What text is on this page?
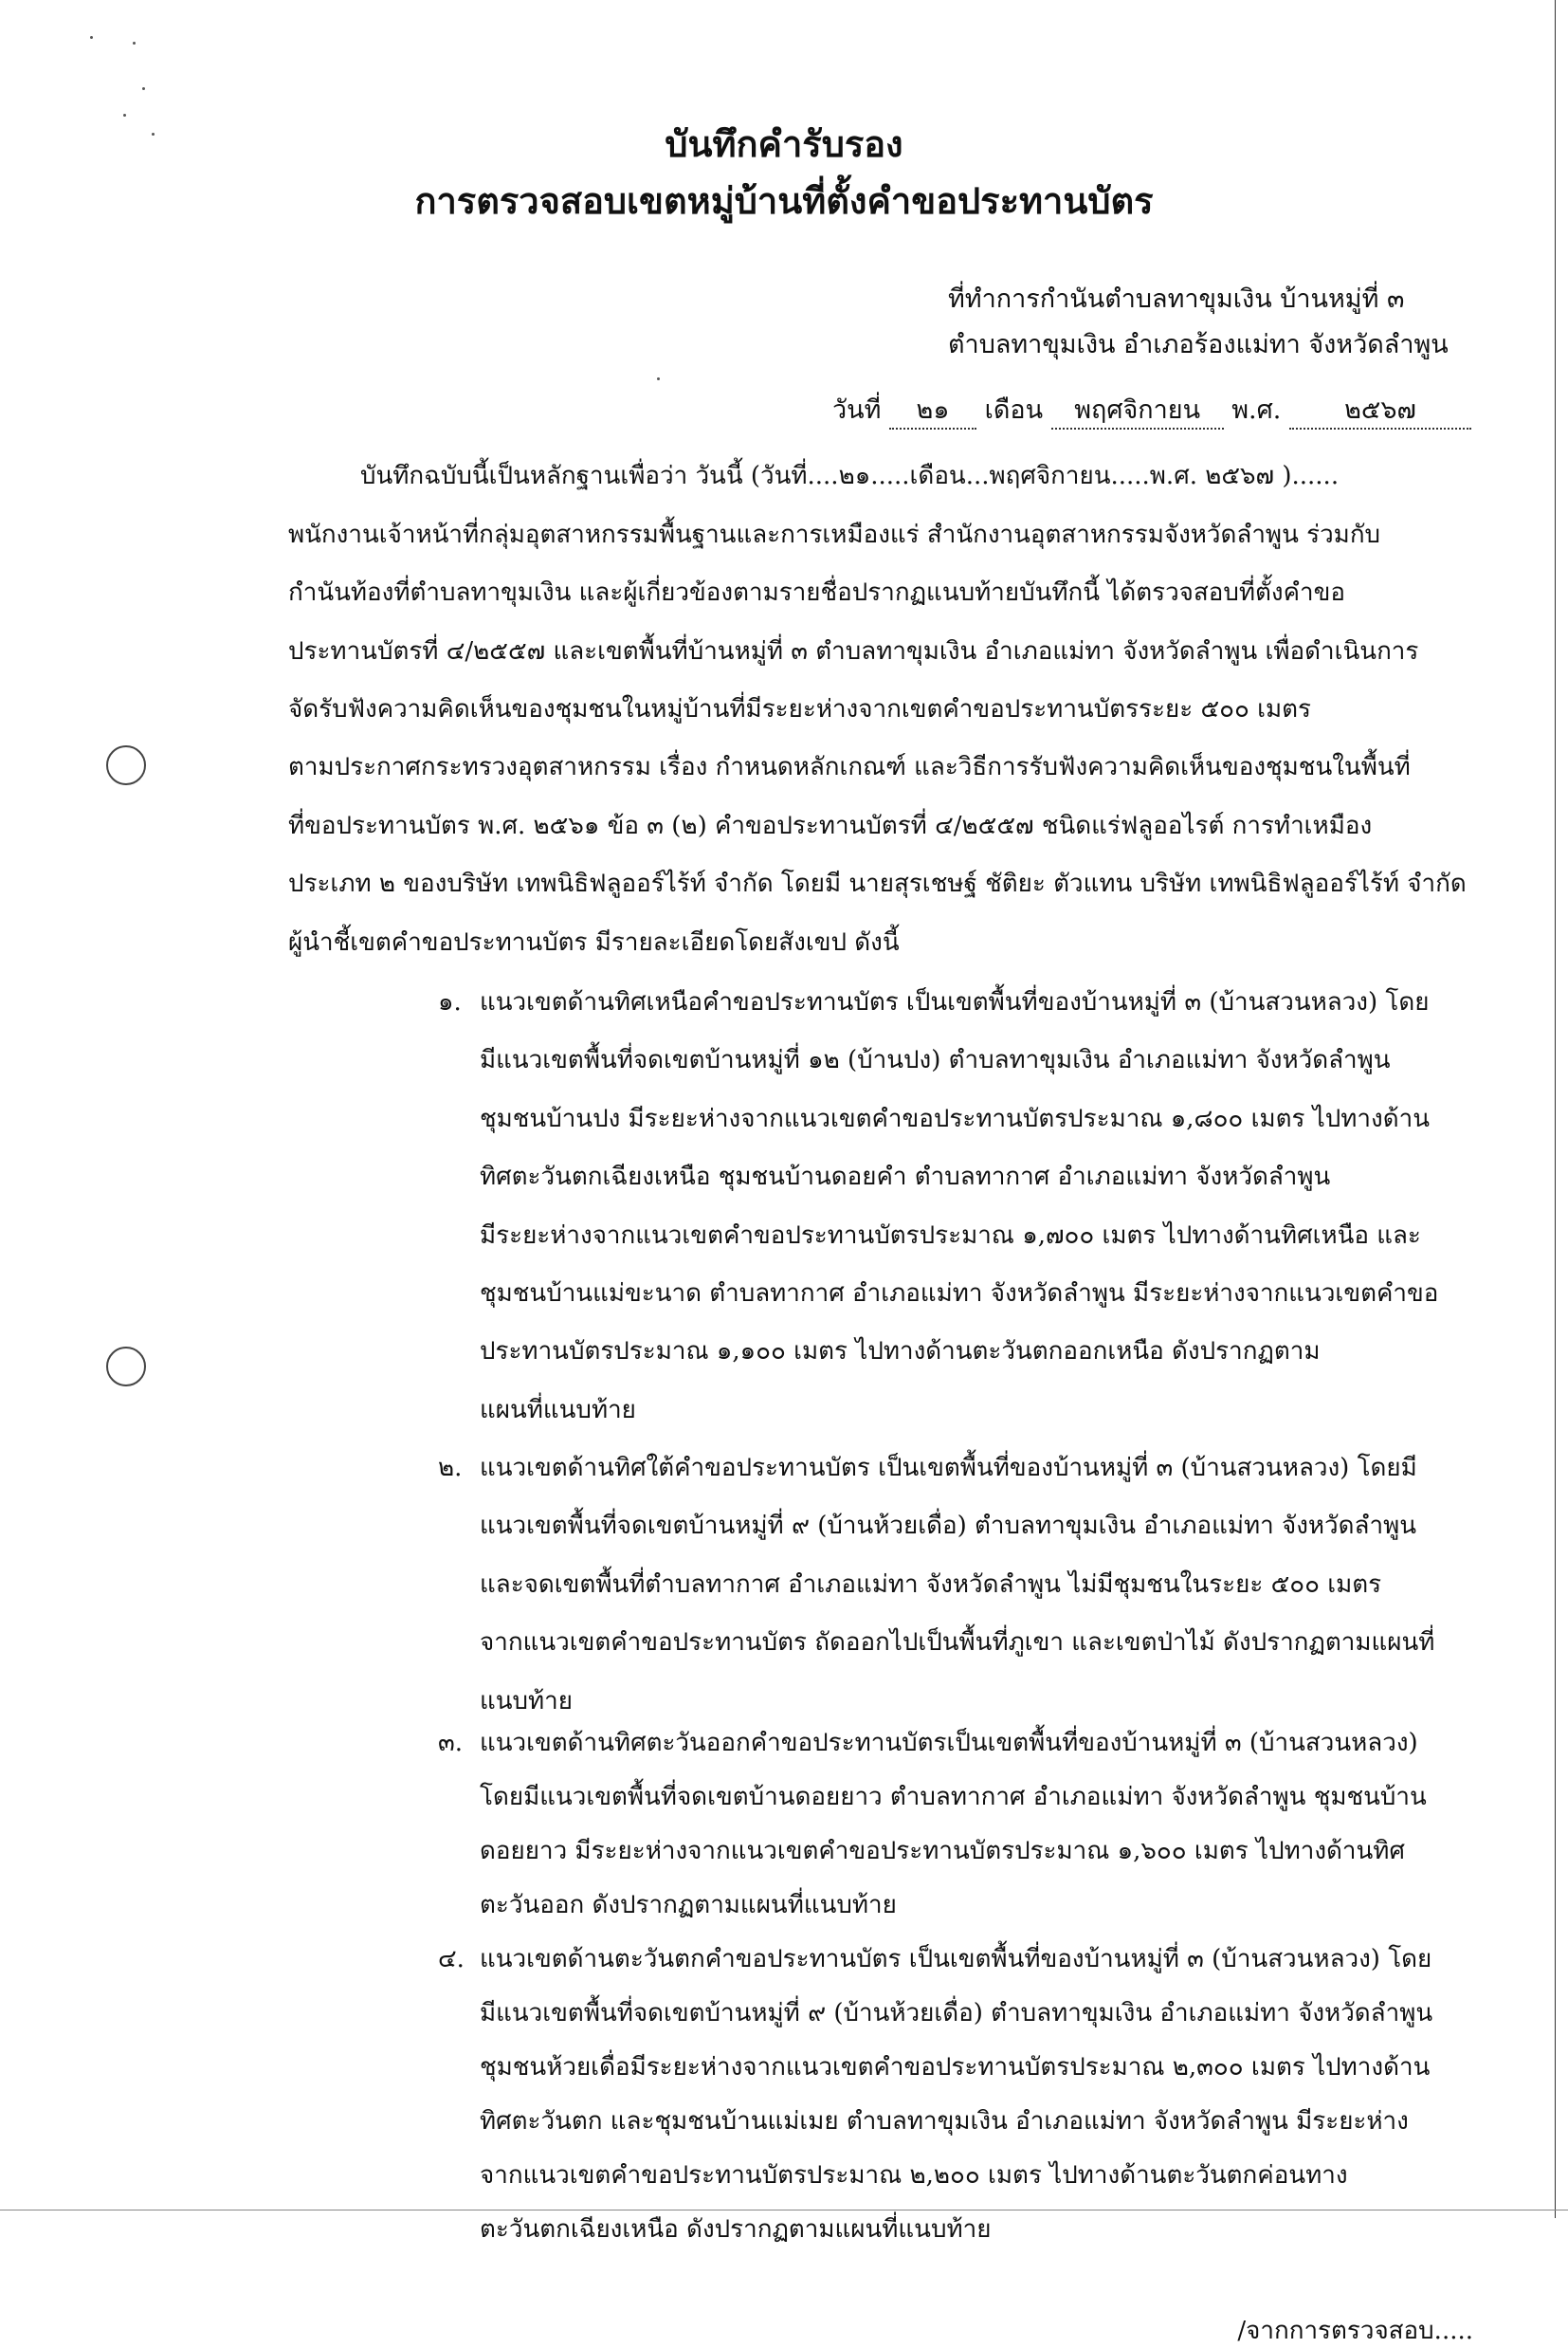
บันทึกคำรับรอง
การตรวจสอบเขตหมู่บ้านที่ตั้งคำขอประทานบัตร
ที่ทำการกำนันตำบลทาขุมเงิน บ้านหมู่ที่ ๓
ตำบลทาขุมเงิน อำเภอร้องแม่ทา จังหวัดลำพูน
วันที่ ๒๑ เดือน พฤศจิกายน พ.ศ. ๒๕๖๗
บันทึกฉบับนี้เป็นหลักฐานเพื่อว่า วันนี้ (วันที่....๒๑.....เดือน...พฤศจิกายน.....พ.ศ. ๒๕๖๗ )......
พนักงานเจ้าหน้าที่กลุ่มอุตสาหกรรมพื้นฐานและการเหมืองแร่ สำนักงานอุตสาหกรรมจังหวัดลำพูน ร่วมกับ
กำนันท้องที่ตำบลทาขุมเงิน และผู้เกี่ยวข้องตามรายชื่อปรากฏแนบท้ายบันทึกนี้ ได้ตรวจสอบที่ตั้งคำขอ
ประทานบัตรที่ ๔/๒๕๕๗ และเขตพื้นที่บ้านหมู่ที่ ๓ ตำบลทาขุมเงิน อำเภอแม่ทา จังหวัดลำพูน เพื่อดำเนินการ
จัดรับฟังความคิดเห็นของชุมชนในหมู่บ้านที่มีระยะห่างจากเขตคำขอประทานบัตรระยะ ๕๐๐ เมตร
ตามประกาศกระทรวงอุตสาหกรรม เรื่อง กำหนดหลักเกณฑ์ และวิธีการรับฟังความคิดเห็นของชุมชนในพื้นที่
ที่ขอประทานบัตร พ.ศ. ๒๕๖๑ ข้อ ๓ (๒) คำขอประทานบัตรที่ ๔/๒๕๕๗ ชนิดแร่ฟลูออไรต์ การทำเหมือง
ประเภท ๒ ของบริษัท เทพนิธิฟลูออร์ไร้ท์ จำกัด โดยมี นายสุรเชษฐ์ ชัติยะ ตัวแทน บริษัท เทพนิธิฟลูออร์ไร้ท์ จำกัด
ผู้นำชี้เขตคำขอประทานบัตร มีรายละเอียดโดยสังเขป ดังนี้
๑. แนวเขตด้านทิศเหนือคำขอประทานบัตร เป็นเขตพื้นที่ของบ้านหมู่ที่ ๓ (บ้านสวนหลวง) โดย
มีแนวเขตพื้นที่จดเขตบ้านหมู่ที่ ๑๒ (บ้านปง) ตำบลทาขุมเงิน อำเภอแม่ทา จังหวัดลำพูน
ชุมชนบ้านปง มีระยะห่างจากแนวเขตคำขอประทานบัตรประมาณ ๑,๘๐๐ เมตร ไปทางด้าน
ทิศตะวันตกเฉียงเหนือ ชุมชนบ้านดอยคำ ตำบลทากาศ อำเภอแม่ทา จังหวัดลำพูน
มีระยะห่างจากแนวเขตคำขอประทานบัตรประมาณ ๑,๗๐๐ เมตร ไปทางด้านทิศเหนือ และ
ชุมชนบ้านแม่ขะนาด ตำบลทากาศ อำเภอแม่ทา จังหวัดลำพูน มีระยะห่างจากแนวเขตคำขอ
ประทานบัตรประมาณ ๑,๑๐๐ เมตร ไปทางด้านตะวันตกออกเหนือ ดังปรากฏตาม
แผนที่แนบท้าย
๒. แนวเขตด้านทิศใต้คำขอประทานบัตร เป็นเขตพื้นที่ของบ้านหมู่ที่ ๓ (บ้านสวนหลวง) โดยมี
แนวเขตพื้นที่จดเขตบ้านหมู่ที่ ๙ (บ้านห้วยเดื่อ) ตำบลทาขุมเงิน อำเภอแม่ทา จังหวัดลำพูน
และจดเขตพื้นที่ตำบลทากาศ อำเภอแม่ทา จังหวัดลำพูน ไม่มีชุมชนในระยะ ๕๐๐ เมตร
จากแนวเขตคำขอประทานบัตร ถัดออกไปเป็นพื้นที่ภูเขา และเขตป่าไม้ ดังปรากฏตามแผนที่
แนบท้าย
๓. แนวเขตด้านทิศตะวันออกคำขอประทานบัตรเป็นเขตพื้นที่ของบ้านหมู่ที่ ๓ (บ้านสวนหลวง)
โดยมีแนวเขตพื้นที่จดเขตบ้านดอยยาว ตำบลทากาศ อำเภอแม่ทา จังหวัดลำพูน ชุมชนบ้าน
ดอยยาว มีระยะห่างจากแนวเขตคำขอประทานบัตรประมาณ ๑,๖๐๐ เมตร ไปทางด้านทิศ
ตะวันออก ดังปรากฏตามแผนที่แนบท้าย
๔. แนวเขตด้านตะวันตกคำขอประทานบัตร เป็นเขตพื้นที่ของบ้านหมู่ที่ ๓ (บ้านสวนหลวง) โดย
มีแนวเขตพื้นที่จดเขตบ้านหมู่ที่ ๙ (บ้านห้วยเดื่อ) ตำบลทาขุมเงิน อำเภอแม่ทา จังหวัดลำพูน
ชุมชนห้วยเดื่อมีระยะห่างจากแนวเขตคำขอประทานบัตรประมาณ ๒,๓๐๐ เมตร ไปทางด้าน
ทิศตะวันตก และชุมชนบ้านแม่เมย ตำบลทาขุมเงิน อำเภอแม่ทา จังหวัดลำพูน มีระยะห่าง
จากแนวเขตคำขอประทานบัตรประมาณ ๒,๒๐๐ เมตร ไปทางด้านตะวันตกค่อนทาง
ตะวันตกเฉียงเหนือ ดังปรากฏตามแผนที่แนบท้าย
/จากการตรวจสอบ.....
